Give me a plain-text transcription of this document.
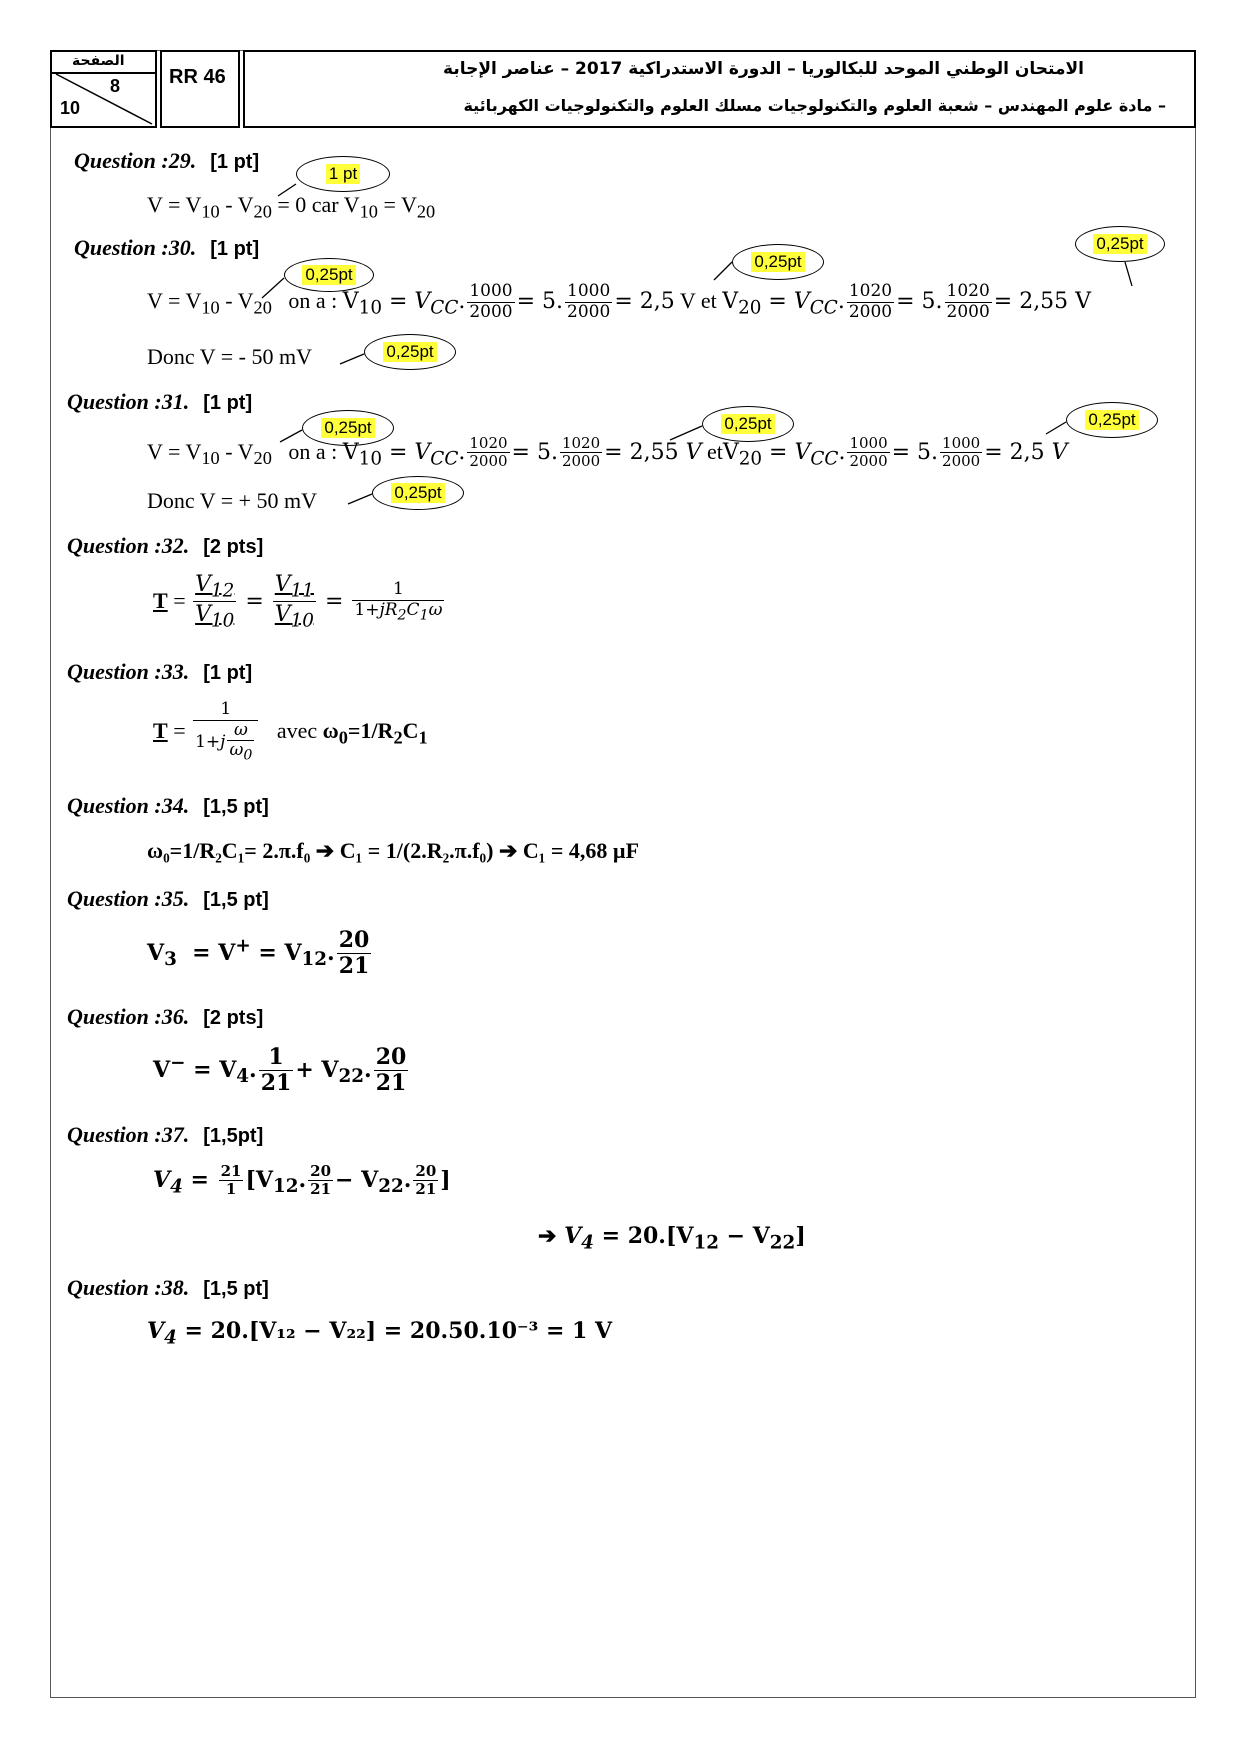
الصفحة
8
10
RR 46	الامتحان الوطني الموحد للبكالوريا – الدورة الاستدراكية 2017 – عناصر الإجابة
– مادة علوم المهندس – شعبة العلوم والتكنولوجيات مسلك العلوم والتكنولوجيات الكهربائية
Question :29. [1 pt]
$V = V_{10} - V_{20} = 0$ car $V_{10} = V_{20}$
Question :30. [1 pt]
$V = V_{10} - V_{20}$ on a : $V_{10} = V_{CC}$. $\frac{1000}{2000} = 5$. $\frac{1000}{2000} = 2,5$ V et $V_{20} = V_{CC}$. $\frac{1020}{2000} = 5$. $\frac{1020}{2000} = 2,55$ V
Donc V = - 50 mV
Question :31. [1 pt]
$V = V_{10} - V_{20}$ on a : $V_{10} = V_{CC}$. $\frac{1020}{2000} = 5$. $\frac{1020}{2000} = 2,55$ V $etV_{20} = V_{CC}$. $\frac{1000}{2000} = 5$. $\frac{1000}{2000} = 2,5$ V
Donc V = + 50 mV
Question :32. [2 pts]
$T = \frac{V_{12}}{V_{10}} = \frac{V_{11}}{V_{10}} = \frac{1}{1+jR_2C_1\omega}$
Question :33. [1 pt]
$T = \frac{1}{1+j \frac{\omega}{\omega_0}}$ avec $\omega_0=1/R_2C_1$
Question :34. [1,5 pt]
ω₀=1/R₂C₁= 2.π.f₀ ➔ C₁ = 1/(2.R₂.π.f₀) ➔ C₁ = 4,68 µF
Question :35. [1,5 pt]
$V_3 = V^+ = V_{12}$. $\frac{20}{21}$
Question :36. [2 pts]
$V^- = V_4$. $\frac{1}{21} + V_{22}$. $\frac{20}{21}$
Question :37. [1,5pt]
$V_4 = \frac{21}{1} [V_{12}$. $\frac{20}{21} - V_{22}$. $\frac{20}{21}$ ]
➔ $V_4 = 20.[V_{12} - V_{22}]$
Question :38. [1,5 pt]
$V_4 = 20.[V_{12} - V_{22}] = 20.50.10^{-3} = 1$ V
1 pt
0,25pt
0,25pt
0,25pt
0,25pt
0,25pt	0,25pt	0,25pt
0,25pt
